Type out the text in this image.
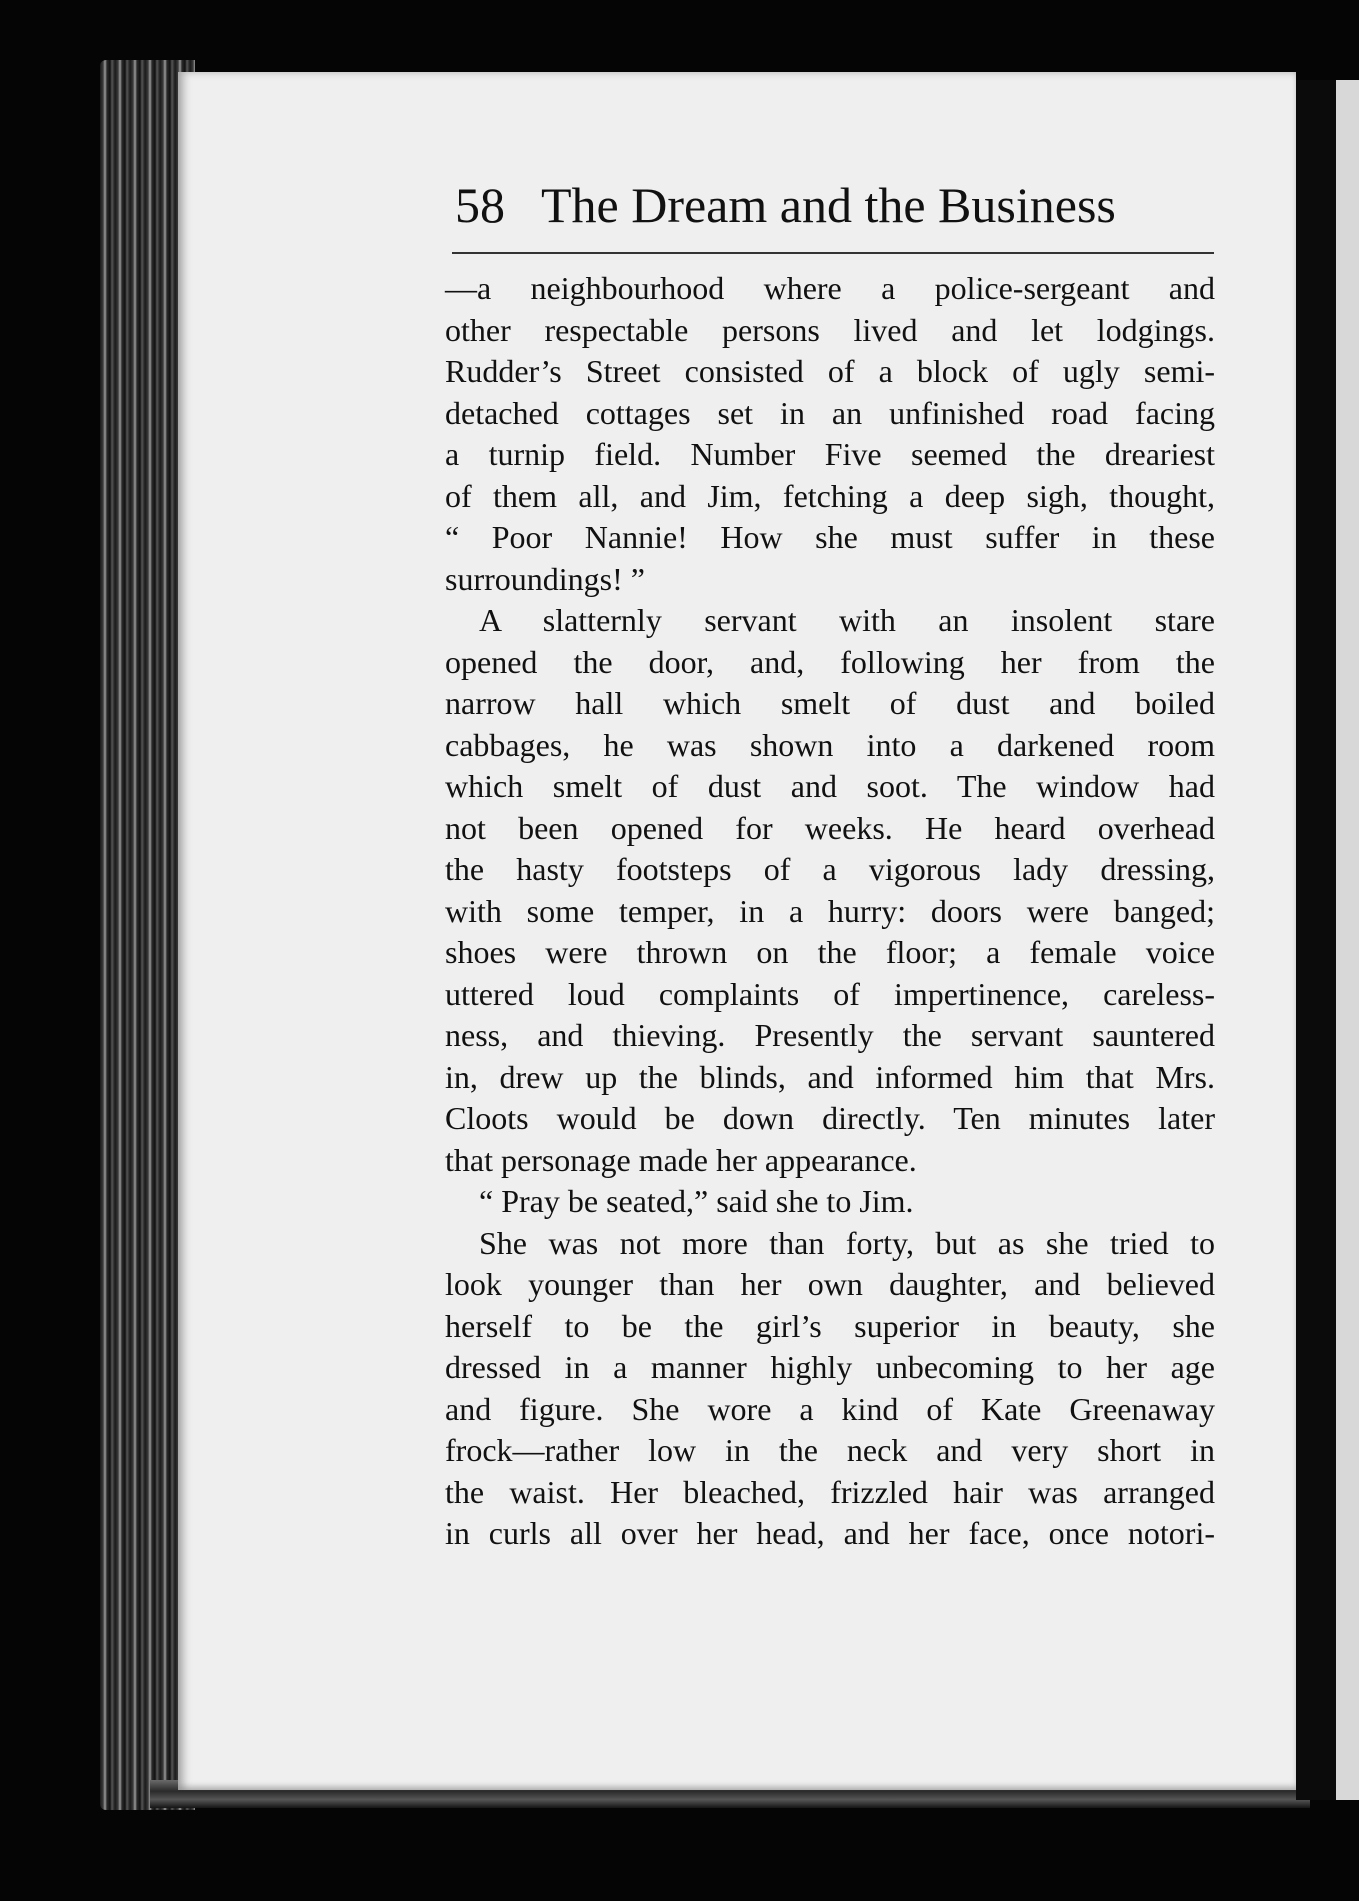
58 The Dream and the Business
—a neighbourhood where a police-sergeant and
other respectable persons lived and let lodgings.
Rudder’s Street consisted of a block of ugly semi-
detached cottages set in an unfinished road facing
a turnip field. Number Five seemed the dreariest
of them all, and Jim, fetching a deep sigh, thought,
“ Poor Nannie! How she must suffer in these
surroundings! ”
A slatternly servant with an insolent stare
opened the door, and, following her from the
narrow hall which smelt of dust and boiled
cabbages, he was shown into a darkened room
which smelt of dust and soot. The window had
not been opened for weeks. He heard overhead
the hasty footsteps of a vigorous lady dressing,
with some temper, in a hurry: doors were banged;
shoes were thrown on the floor; a female voice
uttered loud complaints of impertinence, careless-
ness, and thieving. Presently the servant sauntered
in, drew up the blinds, and informed him that Mrs.
Cloots would be down directly. Ten minutes later
that personage made her appearance.
“ Pray be seated,” said she to Jim.
She was not more than forty, but as she tried to
look younger than her own daughter, and believed
herself to be the girl’s superior in beauty, she
dressed in a manner highly unbecoming to her age
and figure. She wore a kind of Kate Greenaway
frock—rather low in the neck and very short in
the waist. Her bleached, frizzled hair was arranged
in curls all over her head, and her face, once notori-
